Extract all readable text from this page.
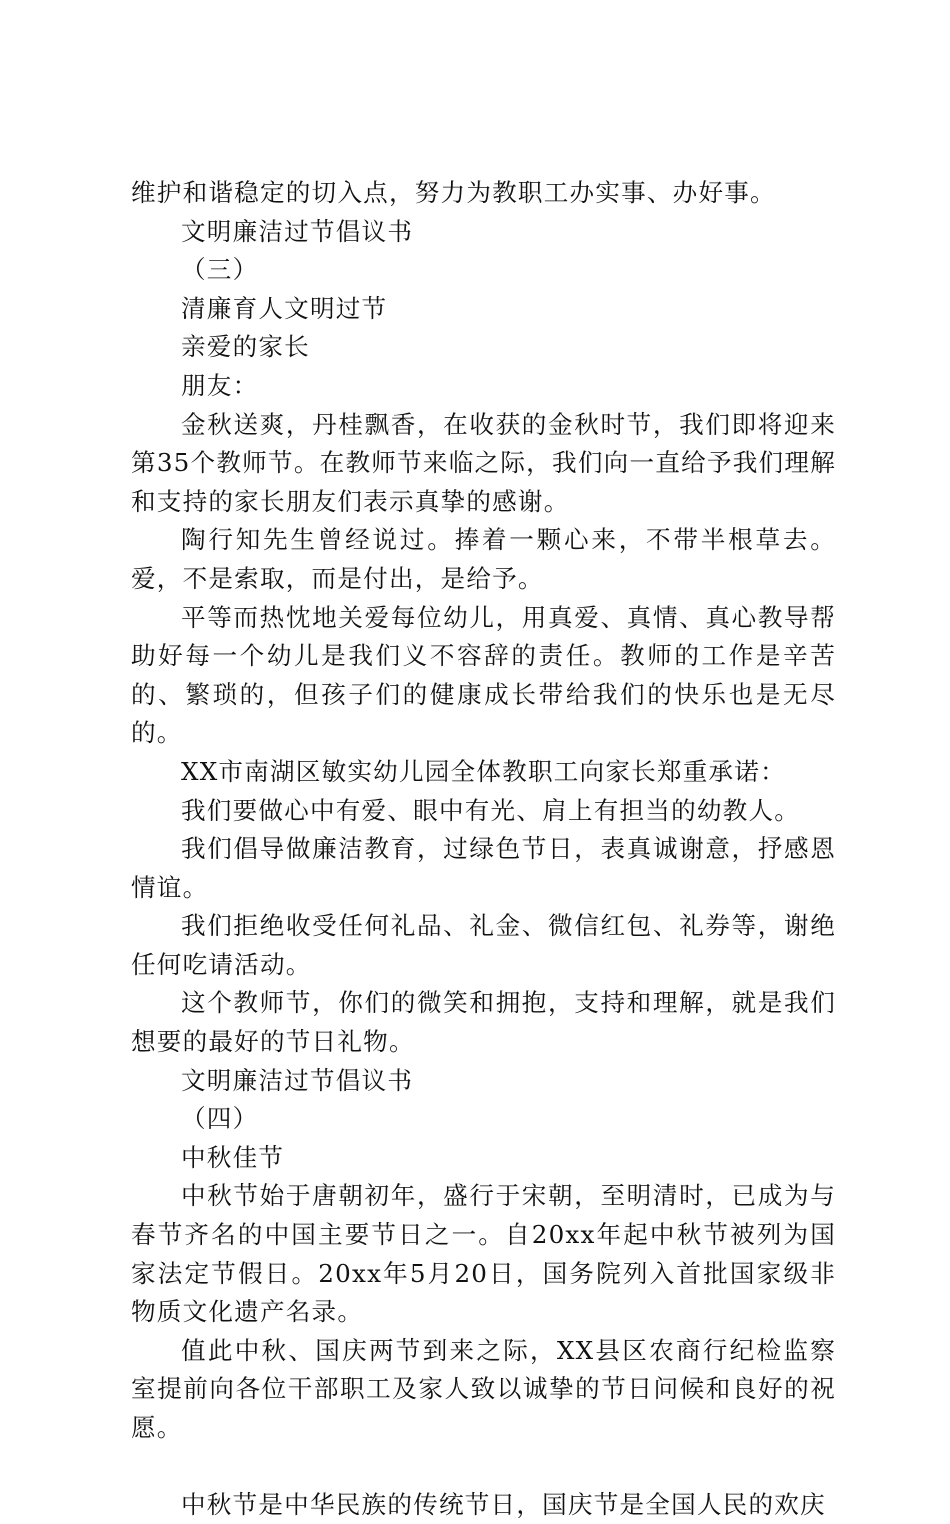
维护和谐稳定的切入点，努力为教职工办实事、办好事。

文明廉洁过节倡议书

（三）

清廉育人文明过节

亲爱的家长

朋友：

金秋送爽，丹桂飘香，在收获的金秋时节，我们即将迎来第35个教师节。在教师节来临之际，我们向一直给予我们理解和支持的家长朋友们表示真挚的感谢。

陶行知先生曾经说过。捧着一颗心来，不带半根草去。爱，不是索取，而是付出，是给予。

平等而热忱地关爱每位幼儿，用真爱、真情、真心教导帮助好每一个幼儿是我们义不容辞的责任。教师的工作是辛苦的、繁琐的，但孩子们的健康成长带给我们的快乐也是无尽的。

XX市南湖区敏实幼儿园全体教职工向家长郑重承诺：

我们要做心中有爱、眼中有光、肩上有担当的幼教人。

我们倡导做廉洁教育，过绿色节日，表真诚谢意，抒感恩情谊。

我们拒绝收受任何礼品、礼金、微信红包、礼券等，谢绝任何吃请活动。

这个教师节，你们的微笑和拥抱，支持和理解，就是我们想要的最好的节日礼物。

文明廉洁过节倡议书

（四）

中秋佳节

中秋节始于唐朝初年，盛行于宋朝，至明清时，已成为与春节齐名的中国主要节日之一。自20xx年起中秋节被列为国家法定节假日。20xx年5月20日，国务院列入首批国家级非物质文化遗产名录。

值此中秋、国庆两节到来之际，XX县区农商行纪检监察室提前向各位干部职工及家人致以诚挚的节日问候和良好的祝愿。

中秋节是中华民族的传统节日，国庆节是全国人民的欢庆
